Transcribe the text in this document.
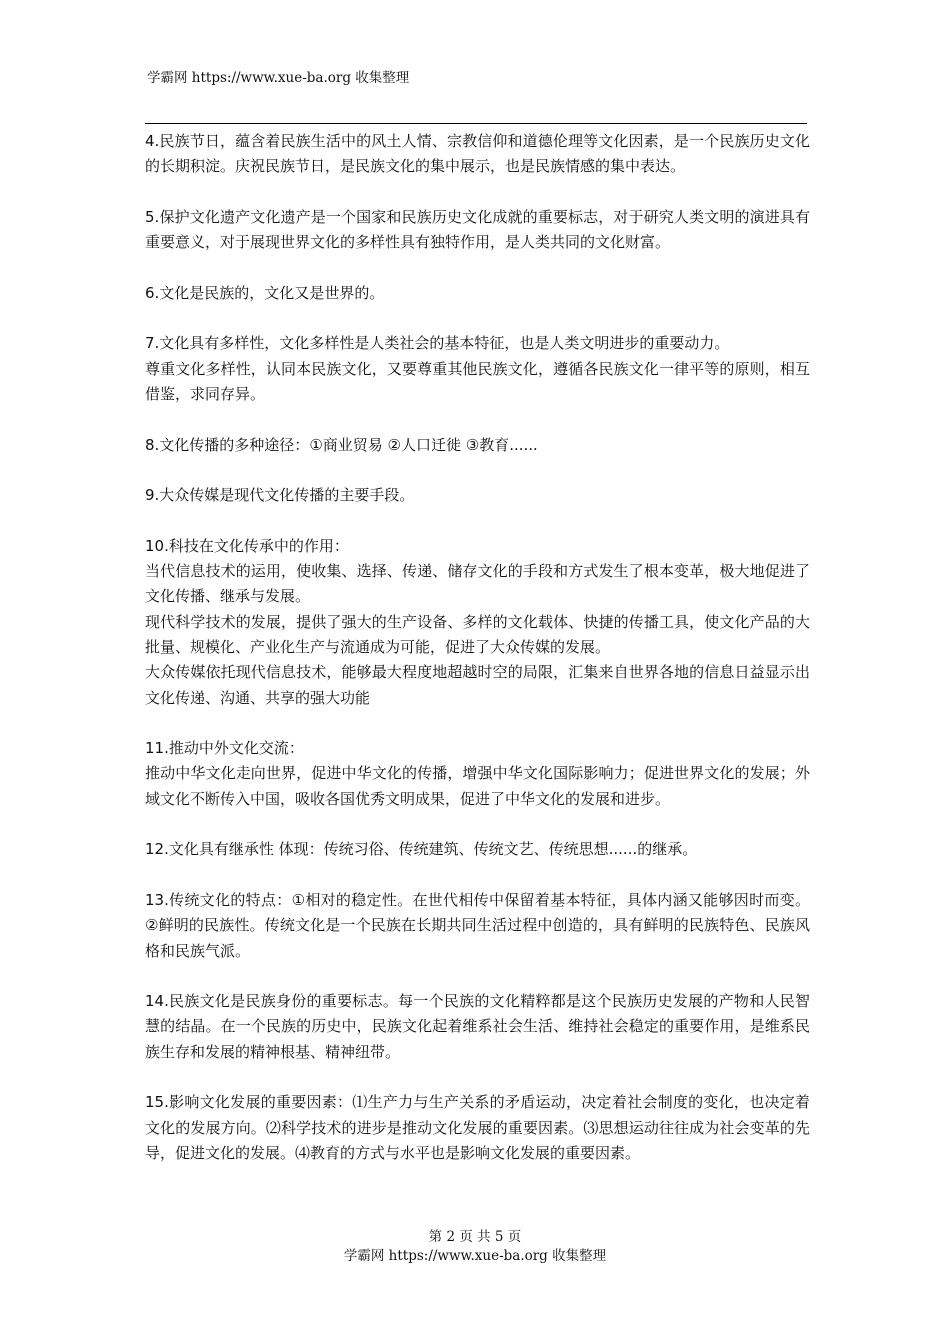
学霸网 https://www.xue-ba.org 收集整理

4.民族节日，蕴含着民族生活中的风土人情、宗教信仰和道德伦理等文化因素，是一个民族历史文化的长期积淀。庆祝民族节日，是民族文化的集中展示，也是民族情感的集中表达。

5.保护文化遗产文化遗产是一个国家和民族历史文化成就的重要标志，对于研究人类文明的演进具有重要意义，对于展现世界文化的多样性具有独特作用，是人类共同的文化财富。

6.文化是民族的，文化又是世界的。

7.文化具有多样性，文化多样性是人类社会的基本特征，也是人类文明进步的重要动力。

尊重文化多样性，认同本民族文化，又要尊重其他民族文化，遵循各民族文化一律平等的原则，相互借鉴，求同存异。

8.文化传播的多种途径：①商业贸易 ②人口迁徙 ③教育......

9.大众传媒是现代文化传播的主要手段。

10.科技在文化传承中的作用：

当代信息技术的运用，使收集、选择、传递、储存文化的手段和方式发生了根本变革，极大地促进了文化传播、继承与发展。

现代科学技术的发展，提供了强大的生产设备、多样的文化载体、快捷的传播工具，使文化产品的大批量、规模化、产业化生产与流通成为可能，促进了大众传媒的发展。

大众传媒依托现代信息技术，能够最大程度地超越时空的局限，汇集来自世界各地的信息日益显示出文化传递、沟通、共享的强大功能

11.推动中外文化交流：

推动中华文化走向世界，促进中华文化的传播，增强中华文化国际影响力；促进世界文化的发展；外域文化不断传入中国，吸收各国优秀文明成果，促进了中华文化的发展和进步。

12.文化具有继承性 体现：传统习俗、传统建筑、传统文艺、传统思想......的继承。

13.传统文化的特点：①相对的稳定性。在世代相传中保留着基本特征，具体内涵又能够因时而变。②鲜明的民族性。传统文化是一个民族在长期共同生活过程中创造的，具有鲜明的民族特色、民族风格和民族气派。

14.民族文化是民族身份的重要标志。每一个民族的文化精粹都是这个民族历史发展的产物和人民智慧的结晶。在一个民族的历史中，民族文化起着维系社会生活、维持社会稳定的重要作用，是维系民族生存和发展的精神根基、精神纽带。

15.影响文化发展的重要因素：⑴生产力与生产关系的矛盾运动，决定着社会制度的变化，也决定着文化的发展方向。⑵科学技术的进步是推动文化发展的重要因素。⑶思想运动往往成为社会变革的先导，促进文化的发展。⑷教育的方式与水平也是影响文化发展的重要因素。

第 2 页 共 5 页
学霸网 https://www.xue-ba.org 收集整理
